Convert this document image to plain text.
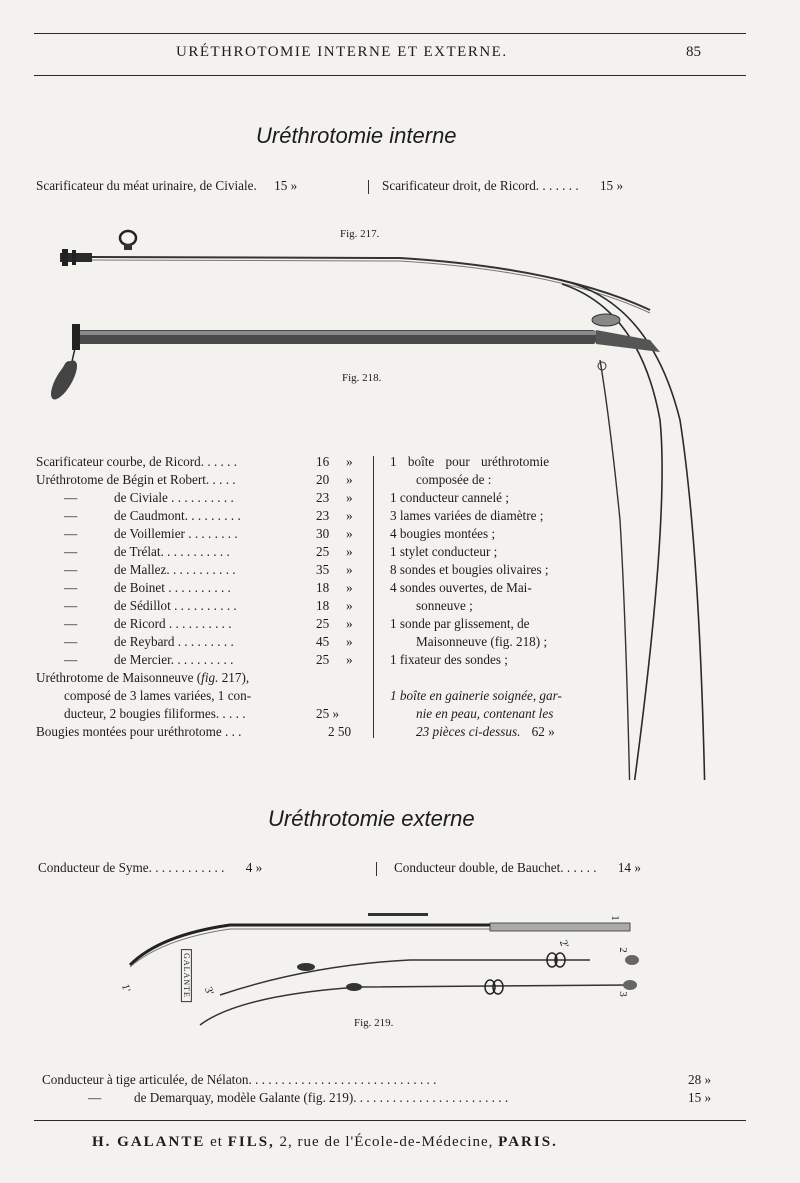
URÉTHROTOMIE INTERNE ET EXTERNE.	85
Uréthrotomie interne
Scarificateur du méat urinaire, de Civiale. 15 »	Scarificateur droit, de Ricord. . . . . . . 15 »
Fig. 217.
Fig. 218.
Scarificateur courbe, de Ricord. . . . . .	16 »
Uréthrotome de Bégin et Robert. . . . .	20 »
—	de Civiale . . . . . . . . . .	23 »
—	de Caudmont. . . . . . . . .	23 »
—	de Voillemier . . . . . . . .	30 »
—	de Trélat. . . . . . . . . . .	25 »
—	de Mallez. . . . . . . . . . .	35 »
—	de Boinet . . . . . . . . . .	18 »
—	de Sédillot . . . . . . . . . .	18 »
—	de Ricord . . . . . . . . . .	25 »
—	de Reybard . . . . . . . . .	45 »
—	de Mercier. . . . . . . . . .	25 »
Uréthrotome de Maisonneuve (fig. 217),
composé de 3 lames variées, 1 con-
ducteur, 2 bougies filiformes. . . . .	25 »
Bougies montées pour uréthrotome . . .	2 50
1 boîte pour uréthrotomie
composée de :
1 conducteur cannelé ;
3 lames variées de diamètre ;
4 bougies montées ;
1 stylet conducteur ;
8 sondes et bougies olivaires ;
4 sondes ouvertes, de Mai-
sonneuve ;
1 sonde par glissement, de
Maisonneuve (fig. 218) ;
1 fixateur des sondes ;
1 boîte en gainerie soignée, gar-
nie en peau, contenant les
23 pièces ci-dessus. 62 »
Uréthrotomie externe
Conducteur de Syme. . . . . . . . . . . . 4 »	Conducteur double, de Bauchet. . . . . . 14 »
1
1'
2
2'
3
3'
GALANTE
Fig. 219.
Conducteur à tige articulée, de Nélaton. . . . . . . . . . . . . . . . . . . . . . . . . . . . .	28 »
— de Demarquay, modèle Galante (fig. 219). . . . . . . . . . . . . . . . . . . . . . . .	15 »
H. GALANTE et FILS, 2, rue de l'École-de-Médecine, PARIS.
